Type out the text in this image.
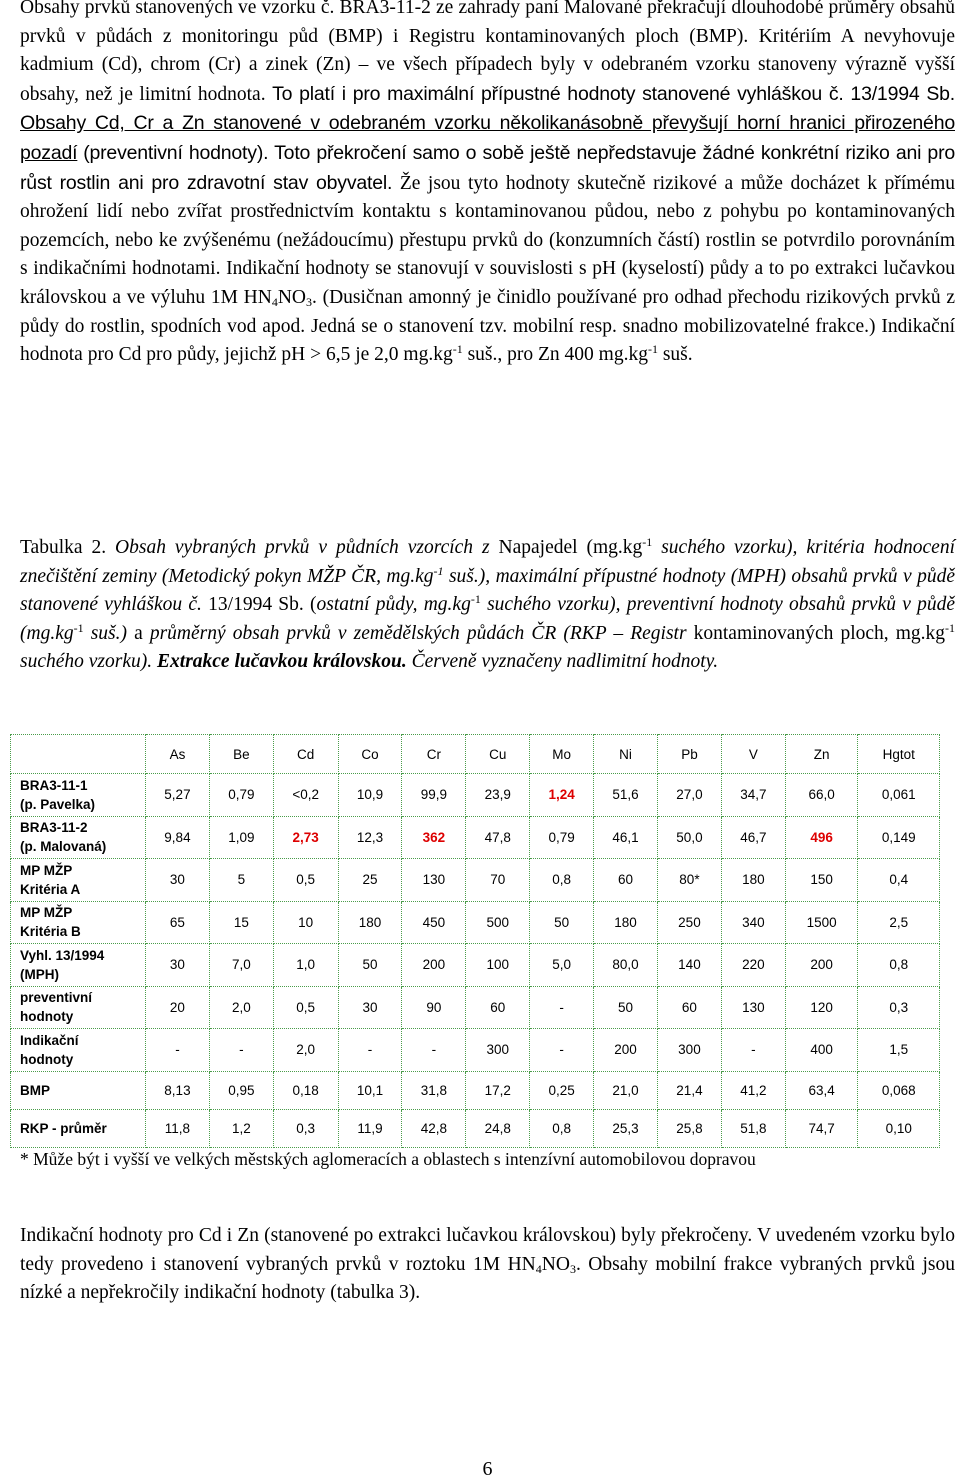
Obsahy prvků stanovených ve vzorku č. BRA3-11-2 ze zahrady paní Malované překračují dlouhodobé průměry obsahů prvků v půdách z monitoringu půd (BMP) i Registru kontaminovaných ploch (BMP). Kritériím A nevyhovuje kadmium (Cd), chrom (Cr) a zinek (Zn) – ve všech případech byly v odebraném vzorku stanoveny výrazně vyšší obsahy, než je limitní hodnota. To platí i pro maximální přípustné hodnoty stanovené vyhláškou č. 13/1994 Sb. Obsahy Cd, Cr a Zn stanovené v odebraném vzorku několikanásobně převyšují horní hranici přirozeného pozadí (preventivní hodnoty). Toto překročení samo o sobě ještě nepředstavuje žádné konkrétní riziko ani pro růst rostlin ani pro zdravotní stav obyvatel. Že jsou tyto hodnoty skutečně rizikové a může docházet k přímému ohrožení lidí nebo zvířat prostřednictvím kontaktu s kontaminovanou půdou, nebo z pohybu po kontaminovaných pozemcích, nebo ke zvýšenému (nežádoucímu) přestupu prvků do (konzumních částí) rostlin se potvrdilo porovnáním s indikačními hodnotami. Indikační hodnoty se stanovují v souvislosti s pH (kyselostí) půdy a to po extrakci lučavkou královskou a ve výluhu 1M $HN_4NO_3$. (Dusičnan amonný je činidlo používané pro odhad přechodu rizikových prvků z půdy do rostlin, spodních vod apod. Jedná se o stanovení tzv. mobilní resp. snadno mobilizovatelné frakce.) Indikační hodnota pro Cd pro půdy, jejichž pH > 6,5 je 2,0 $mg.kg^{-1}$ suš., pro Zn 400 $mg.kg^{-1}$ suš.
Tabulka 2. Obsah vybraných prvků v půdních vzorcích z Napajedel ($mg.kg^{-1}$ suchého vzorku), kritéria hodnocení znečištění zeminy (Metodický pokyn MŽP ČR, $mg.kg^{-1}$ suš.), maximální přípustné hodnoty (MPH) obsahů prvků v půdě stanovené vyhláškou č. 13/1994 Sb. (ostatní půdy, $mg.kg^{-1}$ suchého vzorku), preventivní hodnoty obsahů prvků v půdě ($mg.kg^{-1}$ suš.) a průměrný obsah prvků v zemědělských půdách ČR (RKP – Registr kontaminovaných ploch, $mg.kg^{-1}$ suchého vzorku). Extrakce lučavkou královskou. Červeně vyznačeny nadlimitní hodnoty.
	As	Be	Cd	Co	Cr	Cu	Mo	Ni	Pb	V	Zn	Hgtot
BRA3-11-1
(p. Pavelka)	5,27	0,79	<0,2	10,9	99,9	23,9	1,24	51,6	27,0	34,7	66,0	0,061
BRA3-11-2
(p. Malovaná)	9,84	1,09	2,73	12,3	362	47,8	0,79	46,1	50,0	46,7	496	0,149
MP MŽP
Kritéria A	30	5	0,5	25	130	70	0,8	60	80*	180	150	0,4
MP MŽP
Kritéria B	65	15	10	180	450	500	50	180	250	340	1500	2,5
Vyhl. 13/1994
(MPH)	30	7,0	1,0	50	200	100	5,0	80,0	140	220	200	0,8
preventivní
hodnoty	20	2,0	0,5	30	90	60	-	50	60	130	120	0,3
Indikační
hodnoty	-	-	2,0	-	-	300	-	200	300	-	400	1,5
BMP	8,13	0,95	0,18	10,1	31,8	17,2	0,25	21,0	21,4	41,2	63,4	0,068
RKP - průměr	11,8	1,2	0,3	11,9	42,8	24,8	0,8	25,3	25,8	51,8	74,7	0,10
* Může být i vyšší ve velkých městských aglomeracích a oblastech s intenzívní automobilovou dopravou
Indikační hodnoty pro Cd i Zn (stanovené po extrakci lučavkou královskou) byly překročeny. V uvedeném vzorku bylo tedy provedeno i stanovení vybraných prvků v roztoku 1M $HN_4NO_3$. Obsahy mobilní frakce vybraných prvků jsou nízké a nepřekročily indikační hodnoty (tabulka 3).
6
